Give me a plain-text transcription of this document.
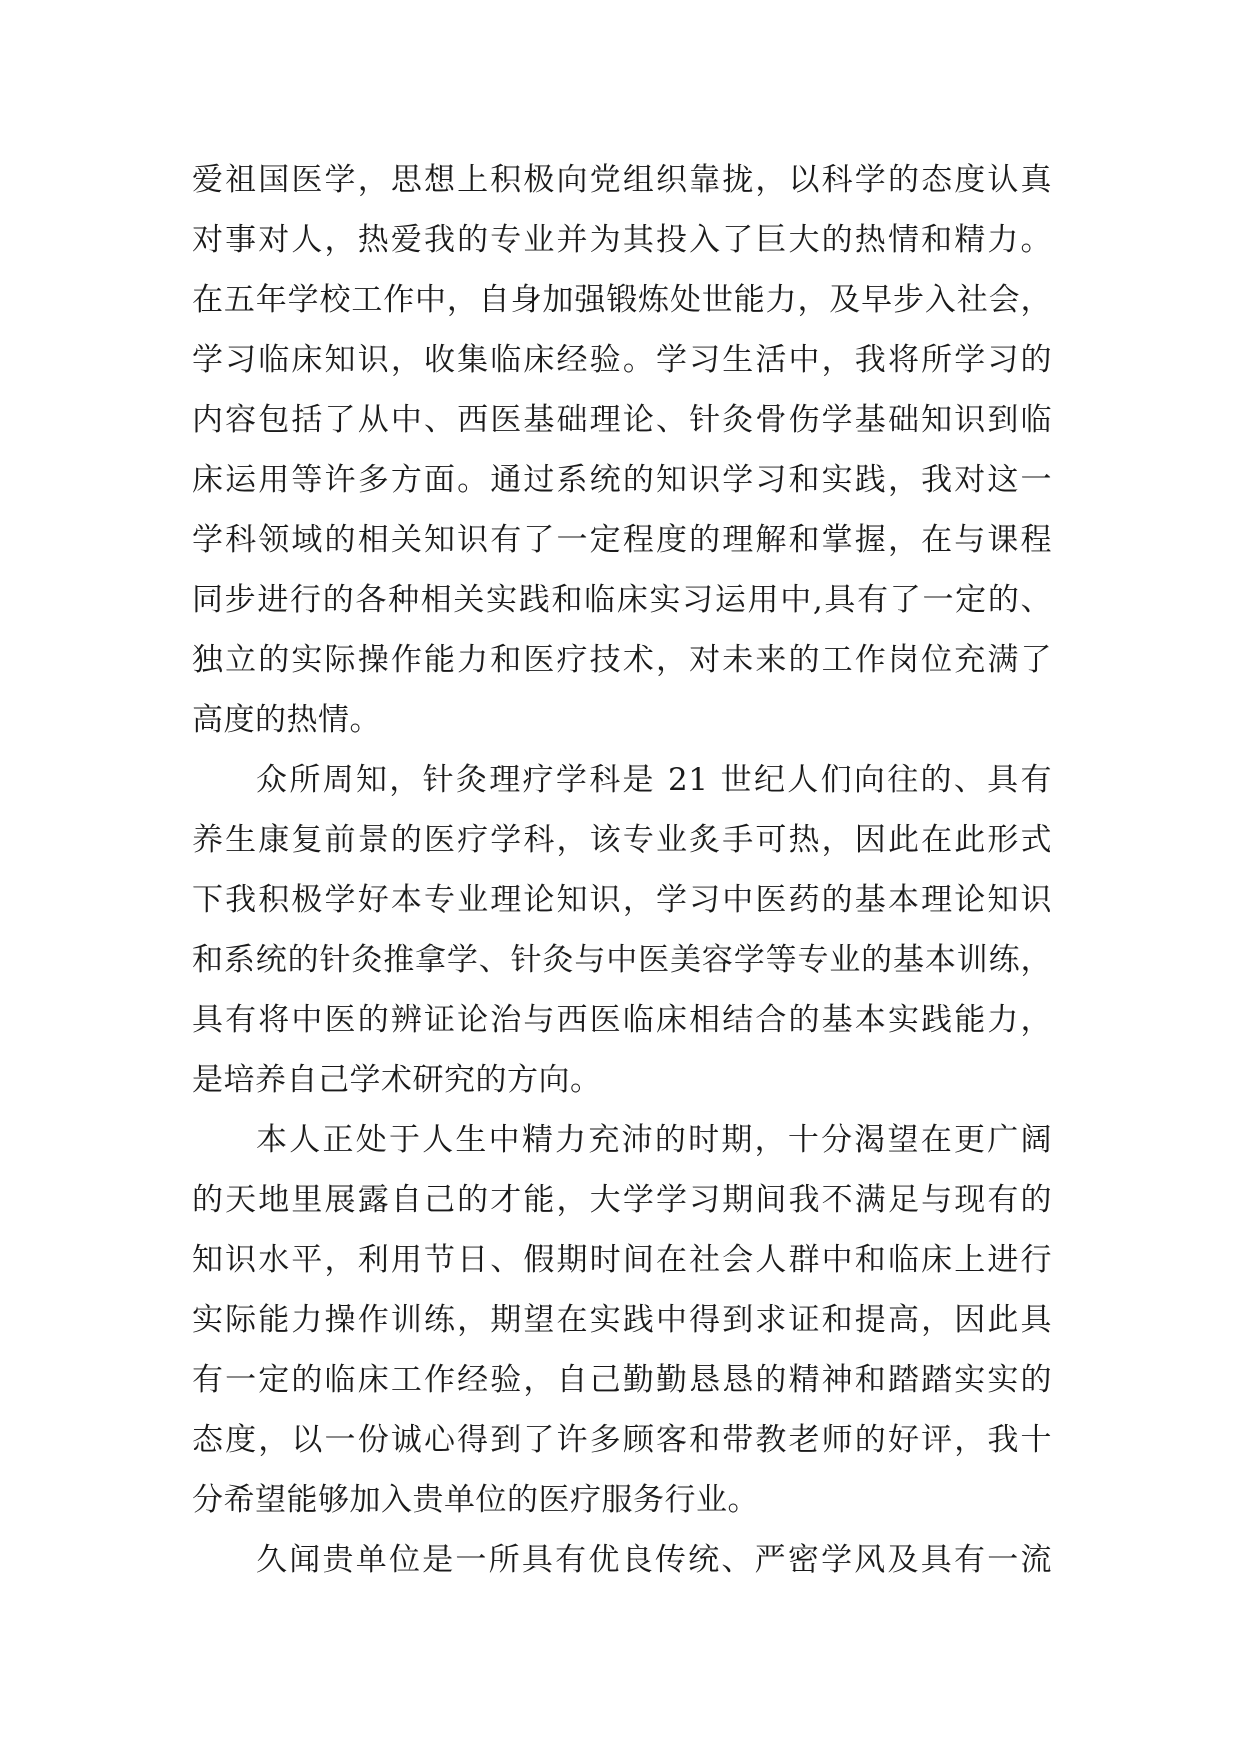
爱祖国医学，思想上积极向党组织靠拢，以科学的态度认真
对事对人，热爱我的专业并为其投入了巨大的热情和精力。
在五年学校工作中，自身加强锻炼处世能力，及早步入社会，
学习临床知识，收集临床经验。学习生活中，我将所学习的
内容包括了从中、西医基础理论、针灸骨伤学基础知识到临
床运用等许多方面。通过系统的知识学习和实践，我对这一
学科领域的相关知识有了一定程度的理解和掌握，在与课程
同步进行的各种相关实践和临床实习运用中,具有了一定的、
独立的实际操作能力和医疗技术，对未来的工作岗位充满了
高度的热情。
众所周知，针灸理疗学科是 21 世纪人们向往的、具有
养生康复前景的医疗学科，该专业炙手可热，因此在此形式
下我积极学好本专业理论知识，学习中医药的基本理论知识
和系统的针灸推拿学、针灸与中医美容学等专业的基本训练，
具有将中医的辨证论治与西医临床相结合的基本实践能力，
是培养自己学术研究的方向。
本人正处于人生中精力充沛的时期，十分渴望在更广阔
的天地里展露自己的才能，大学学习期间我不满足与现有的
知识水平，利用节日、假期时间在社会人群中和临床上进行
实际能力操作训练，期望在实践中得到求证和提高，因此具
有一定的临床工作经验，自己勤勤恳恳的精神和踏踏实实的
态度，以一份诚心得到了许多顾客和带教老师的好评，我十
分希望能够加入贵单位的医疗服务行业。
久闻贵单位是一所具有优良传统、严密学风及具有一流
